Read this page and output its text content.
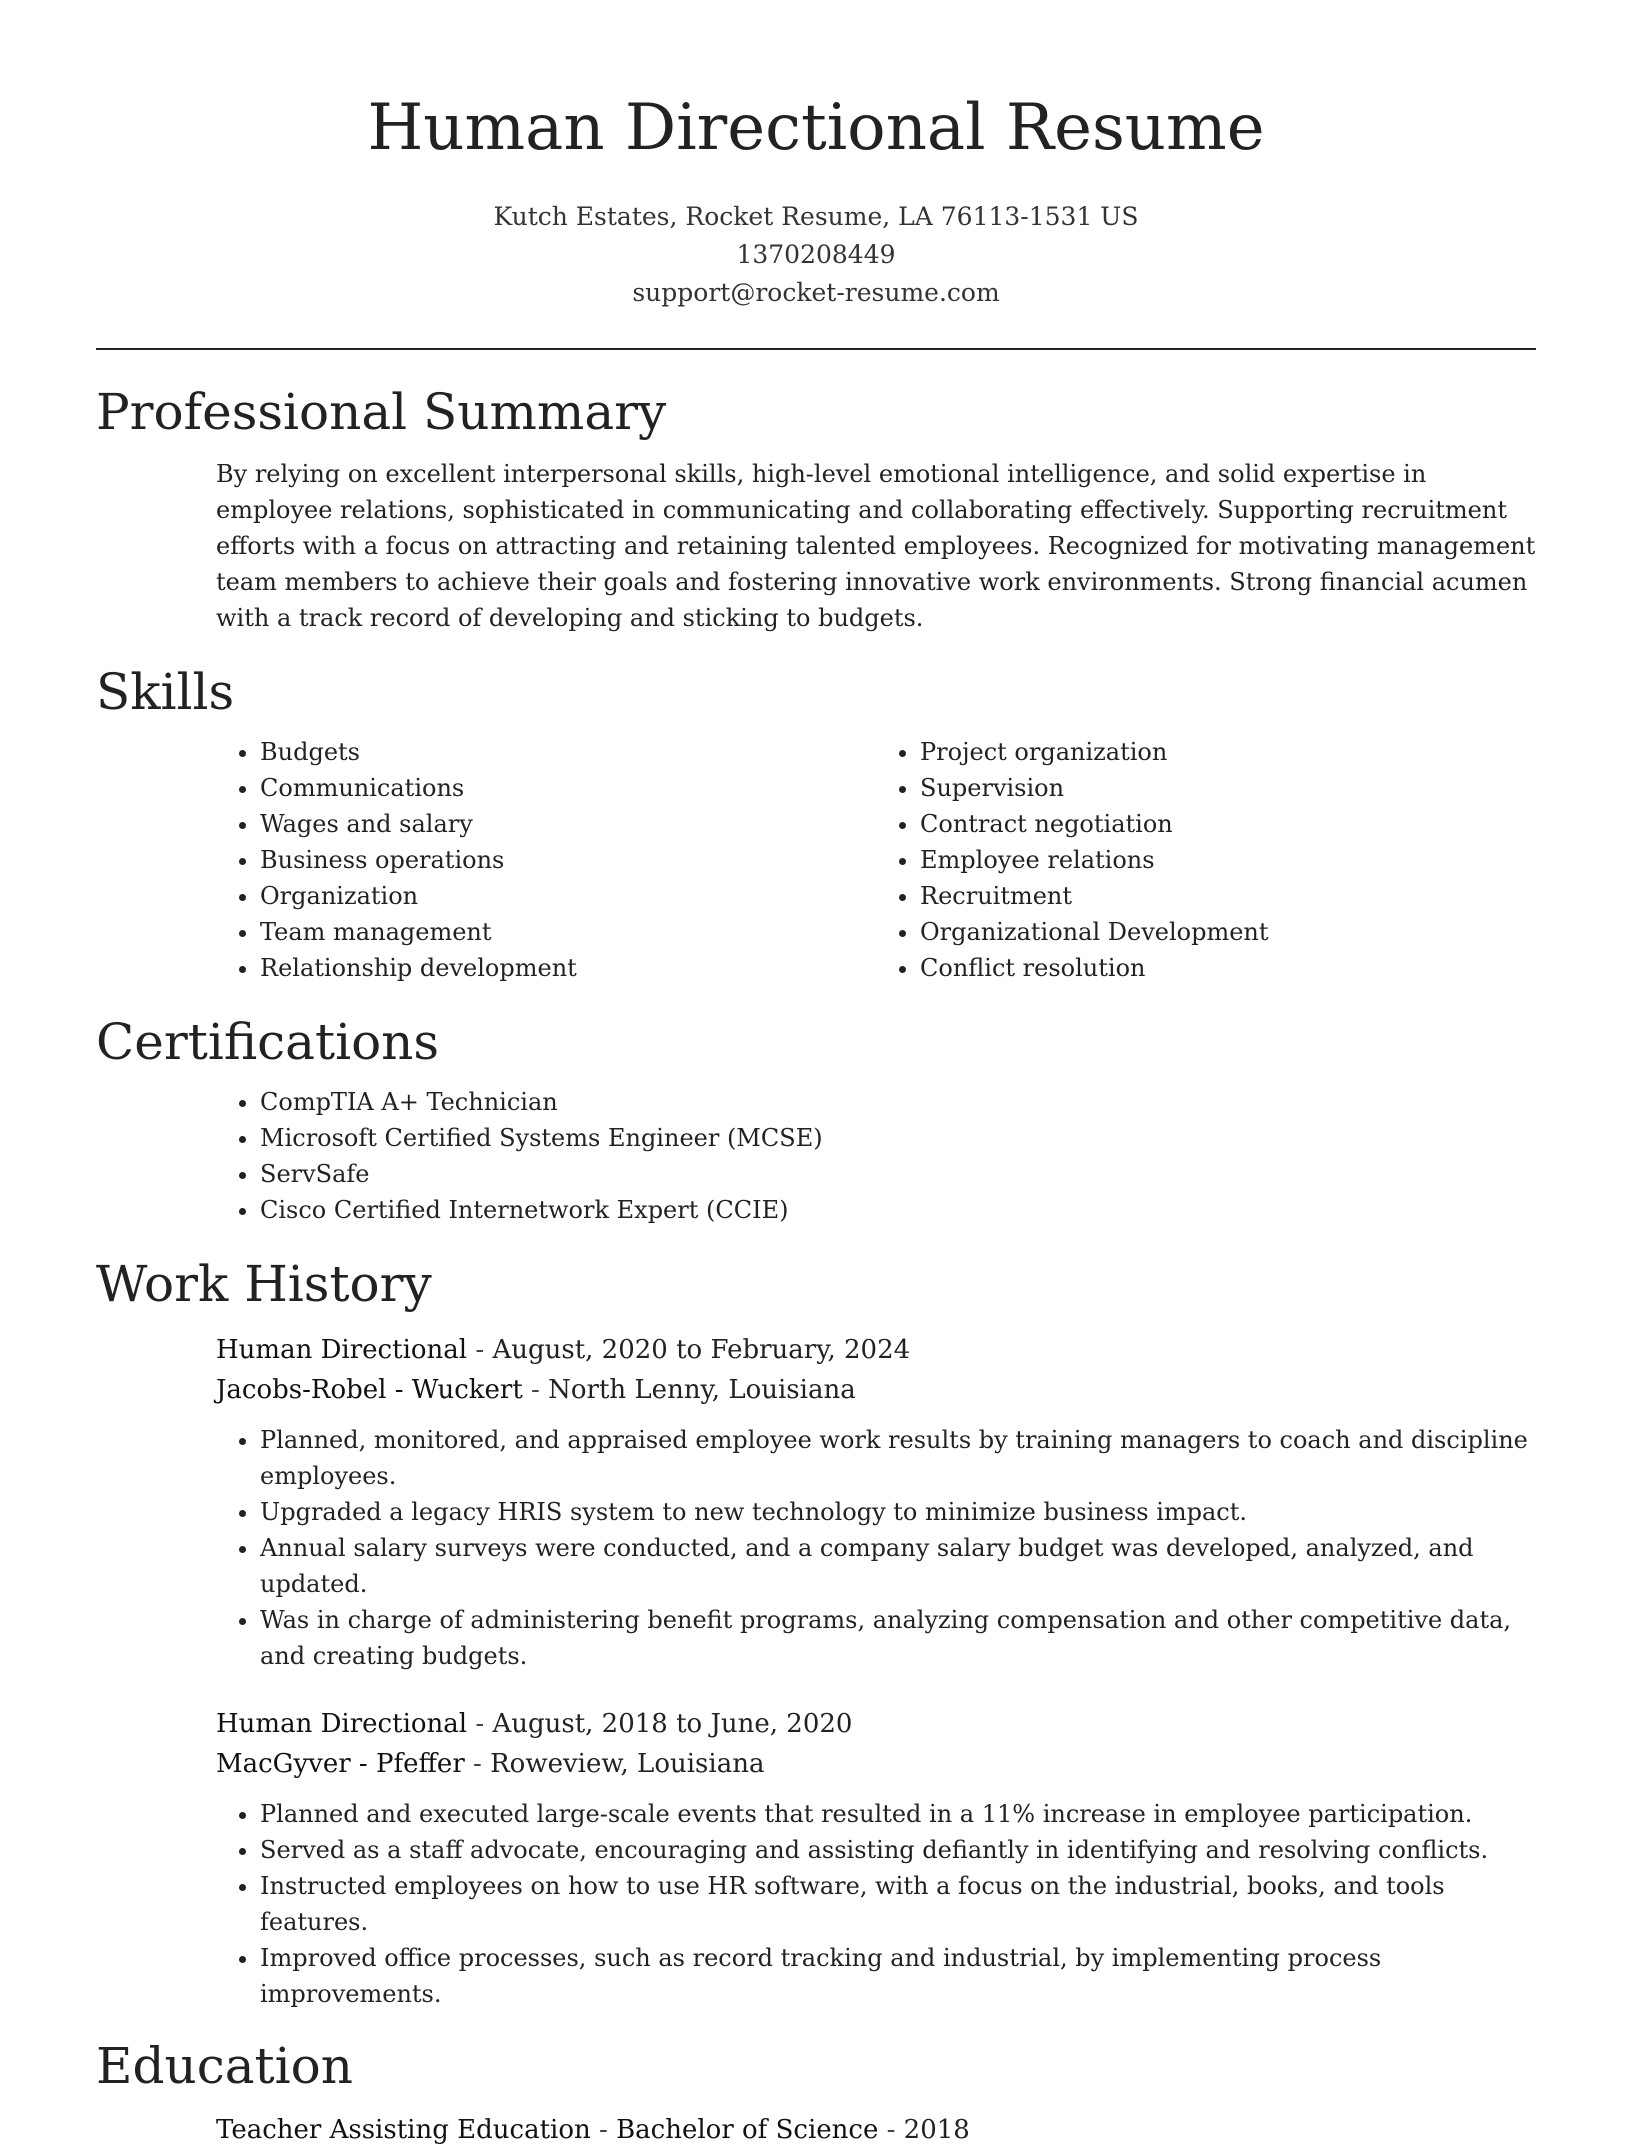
Human Directional Resume
Kutch Estates, Rocket Resume, LA 76113-1531 US
1370208449
support@rocket-resume.com
Professional Summary
By relying on excellent interpersonal skills, high-level emotional intelligence, and solid expertise in employee relations, sophisticated in communicating and collaborating effectively. Supporting recruitment efforts with a focus on attracting and retaining talented employees. Recognized for motivating management team members to achieve their goals and fostering innovative work environments. Strong financial acumen with a track record of developing and sticking to budgets.
Skills
• Budgets
• Communications
• Wages and salary
• Business operations
• Organization
• Team management
• Relationship development
• Project organization
• Supervision
• Contract negotiation
• Employee relations
• Recruitment
• Organizational Development
• Conflict resolution
Certifications
• CompTIA A+ Technician
• Microsoft Certified Systems Engineer (MCSE)
• ServSafe
• Cisco Certified Internetwork Expert (CCIE)
Work History
Human Directional - August, 2020 to February, 2024
Jacobs-Robel - Wuckert - North Lenny, Louisiana
• Planned, monitored, and appraised employee work results by training managers to coach and discipline employees.
• Upgraded a legacy HRIS system to new technology to minimize business impact.
• Annual salary surveys were conducted, and a company salary budget was developed, analyzed, and updated.
• Was in charge of administering benefit programs, analyzing compensation and other competitive data, and creating budgets.
Human Directional - August, 2018 to June, 2020
MacGyver - Pfeffer - Roweview, Louisiana
• Planned and executed large-scale events that resulted in a 11% increase in employee participation.
• Served as a staff advocate, encouraging and assisting defiantly in identifying and resolving conflicts.
• Instructed employees on how to use HR software, with a focus on the industrial, books, and tools features.
• Improved office processes, such as record tracking and industrial, by implementing process improvements.
Education
Teacher Assisting Education - Bachelor of Science - 2018
